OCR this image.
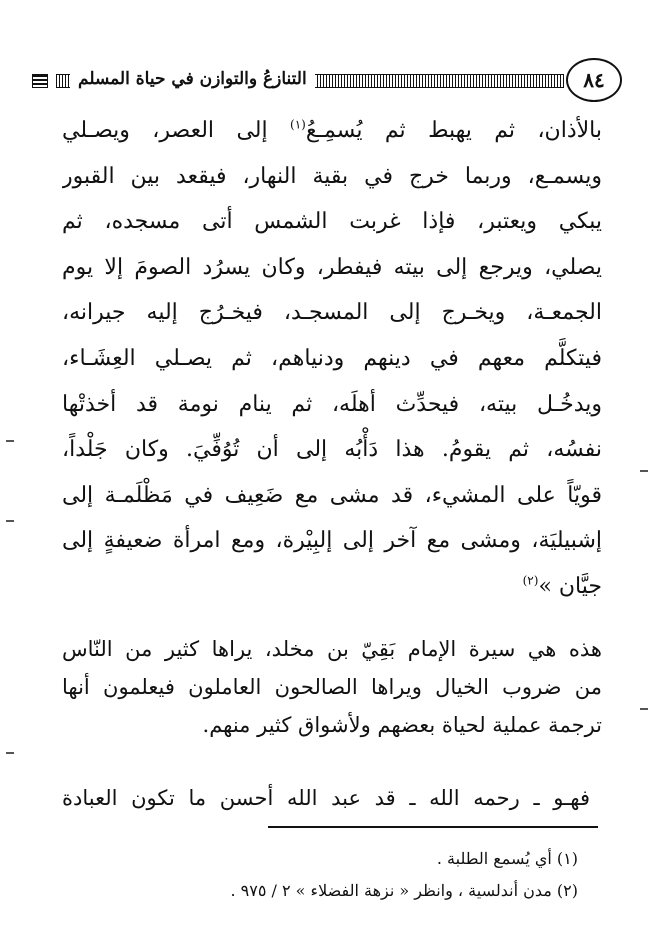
التنازعُ والتوازن في حياة المسلم	٨٤
بالأذان، ثم يهبط ثم يُسمِـعُ$^{(١)}$ إلى العصر، ويصـلي
ويسمـع، وربما خرج في بقية النهار، فيقعد بين القبور
يبكي ويعتبر، فإذا غربت الشمس أتى مسجده، ثم
يصلي، ويرجع إلى بيته فيفطر، وكان يسرُد الصومَ إلا يوم
الجمعـة، ويخـرج إلى المسجـد، فيخـرُج إليه جيرانه،
فيتكلَّم معهم في دينهم ودنياهم، ثم يصـلي العِشَـاء،
ويدخُـل بيته، فيحدِّث أهلَه، ثم ينام نومة قد أخذتْها
نفسُه، ثم يقومُ. هذا دَأْبُه إلى أن تُوُفِّيَ. وكان جَلْداً،
قويّاً على المشيء، قد مشى مع ضَعِيف في مَظْلَمـة إلى
إشبيليَة، ومشى مع آخر إلى إلبِيْرة، ومع امرأة ضعيفةٍ إلى
جيَّان »$^{(٢)}$
هذه هي سيرة الإمام بَقِيّ بن مخلد، يراها كثير من النّاس
من ضروب الخيال ويراها الصالحون العاملون فيعلمون أنها
ترجمة عملية لحياة بعضهم ولأشواق كثير منهم.
فهـو ـ رحمه الله ـ قد عبد الله أحسن ما تكون العبادة
(١) أي يُسمع الطلبة .
(٢) مدن أندلسية ، وانظر « نزهة الفضلاء » ٢ / ٩٧٥ .
